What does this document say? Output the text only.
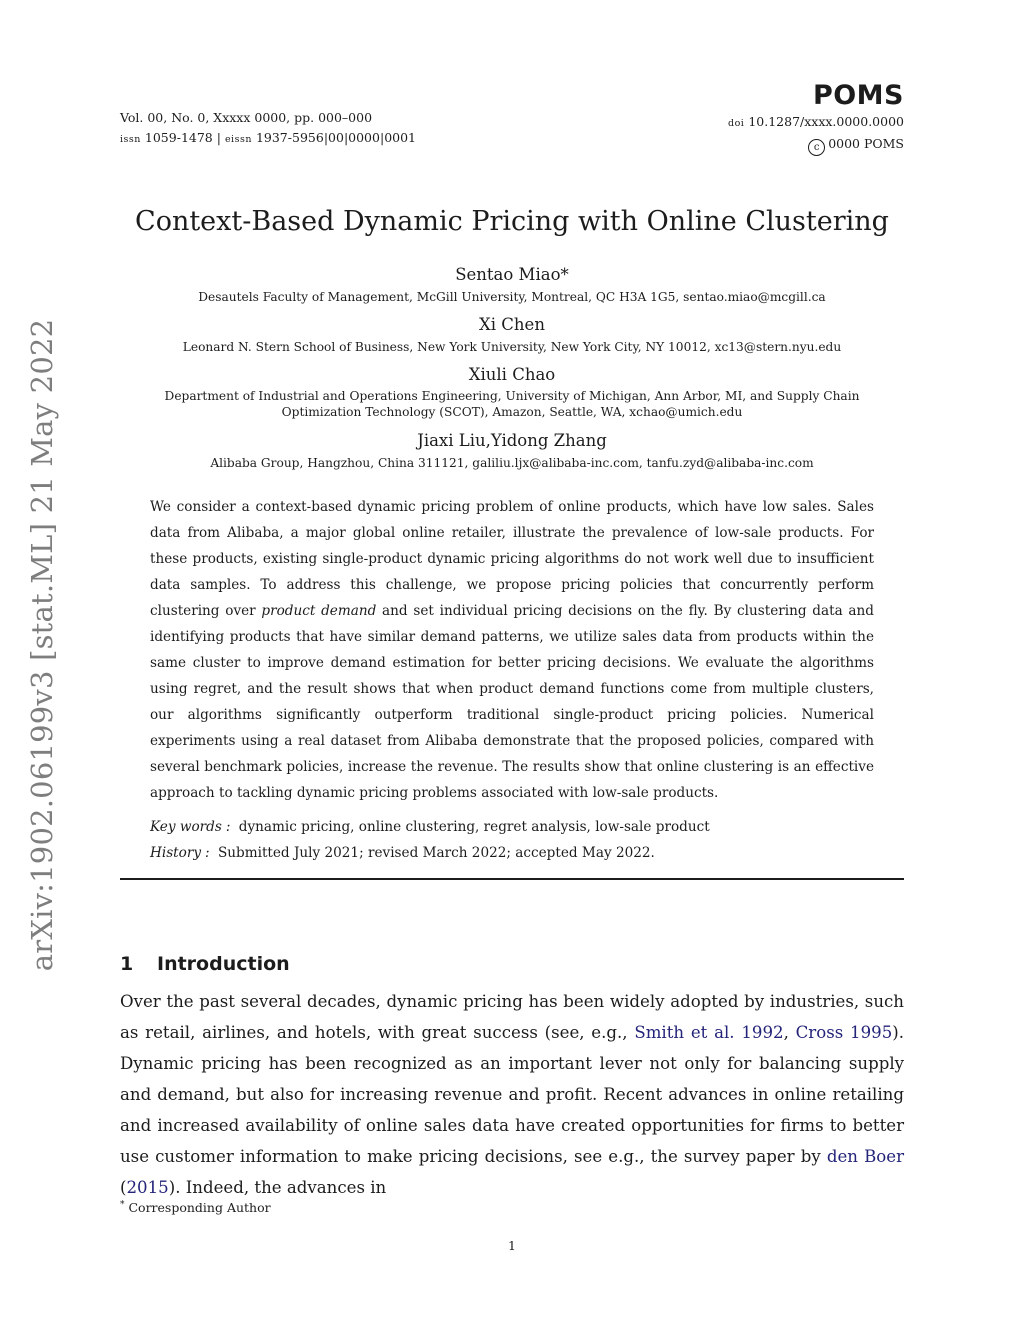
Vol. 00, No. 0, Xxxxx 0000, pp. 000–000
issn 1059-1478 | eissn 1937-5956|00|0000|0001
POMS
doi 10.1287/xxxx.0000.0000
c 0000 POMS
arXiv:1902.06199v3 [stat.ML] 21 May 2022
Context-Based Dynamic Pricing with Online Clustering
Sentao Miao*
Desautels Faculty of Management, McGill University, Montreal, QC H3A 1G5, sentao.miao@mcgill.ca
Xi Chen
Leonard N. Stern School of Business, New York University, New York City, NY 10012, xc13@stern.nyu.edu
Xiuli Chao
Department of Industrial and Operations Engineering, University of Michigan, Ann Arbor, MI, and Supply Chain Optimization Technology (SCOT), Amazon, Seattle, WA, xchao@umich.edu
Jiaxi Liu,Yidong Zhang
Alibaba Group, Hangzhou, China 311121, galiliu.ljx@alibaba-inc.com, tanfu.zyd@alibaba-inc.com

We consider a context-based dynamic pricing problem of online products, which have low sales. Sales data from Alibaba, a major global online retailer, illustrate the prevalence of low-sale products. For these products, existing single-product dynamic pricing algorithms do not work well due to insufficient data samples. To address this challenge, we propose pricing policies that concurrently perform clustering over product demand and set individual pricing decisions on the fly. By clustering data and identifying products that have similar demand patterns, we utilize sales data from products within the same cluster to improve demand estimation for better pricing decisions. We evaluate the algorithms using regret, and the result shows that when product demand functions come from multiple clusters, our algorithms significantly outperform traditional single-product pricing policies. Numerical experiments using a real dataset from Alibaba demonstrate that the proposed policies, compared with several benchmark policies, increase the revenue. The results show that online clustering is an effective approach to tackling dynamic pricing problems associated with low-sale products.

Key words : dynamic pricing, online clustering, regret analysis, low-sale product
History : Submitted July 2021; revised March 2022; accepted May 2022.
1 Introduction

Over the past several decades, dynamic pricing has been widely adopted by industries, such as retail, airlines, and hotels, with great success (see, e.g., Smith et al. 1992, Cross 1995). Dynamic pricing has been recognized as an important lever not only for balancing supply and demand, but also for increasing revenue and profit. Recent advances in online retailing and increased availability of online sales data have created opportunities for firms to better use customer information to make pricing decisions, see e.g., the survey paper by den Boer (2015). Indeed, the advances in

* Corresponding Author
1
